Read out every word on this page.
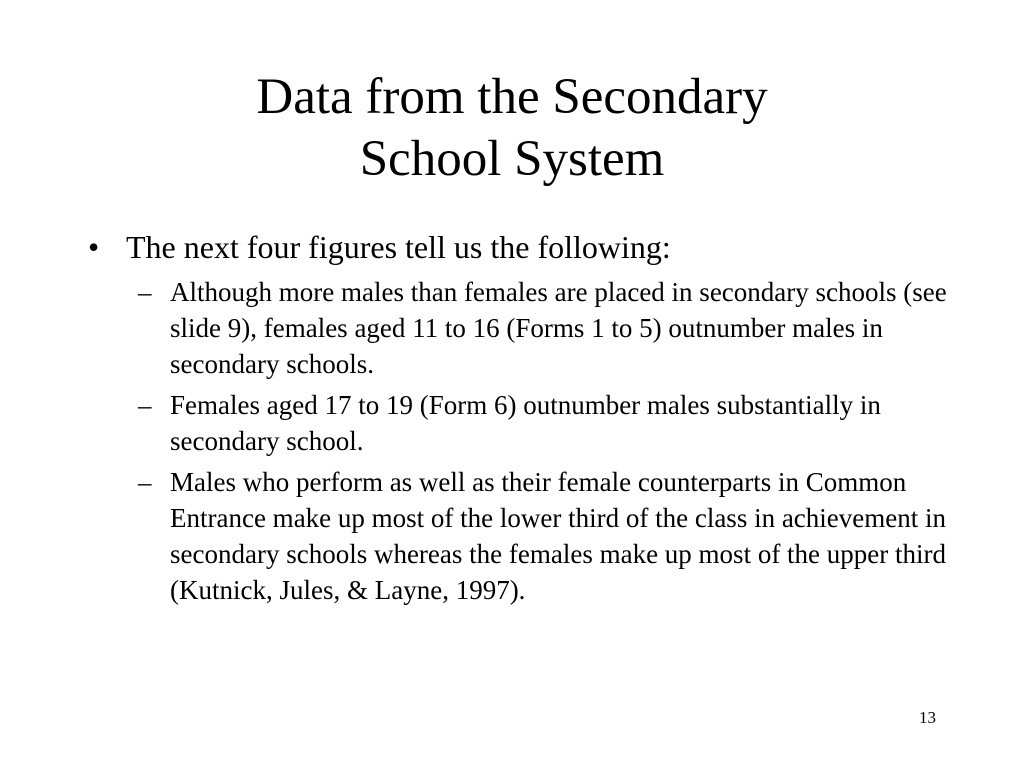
Data from the Secondary
School System
• The next four figures tell us the following:
– Although more males than females are placed in secondary schools (see slide 9), females aged 11 to 16 (Forms 1 to 5) outnumber males in secondary schools.
– Females aged 17 to 19 (Form 6) outnumber males substantially in secondary school.
– Males who perform as well as their female counterparts in Common Entrance make up most of the lower third of the class in achievement in secondary schools whereas the females make up most of the upper third (Kutnick, Jules, & Layne, 1997).
13
